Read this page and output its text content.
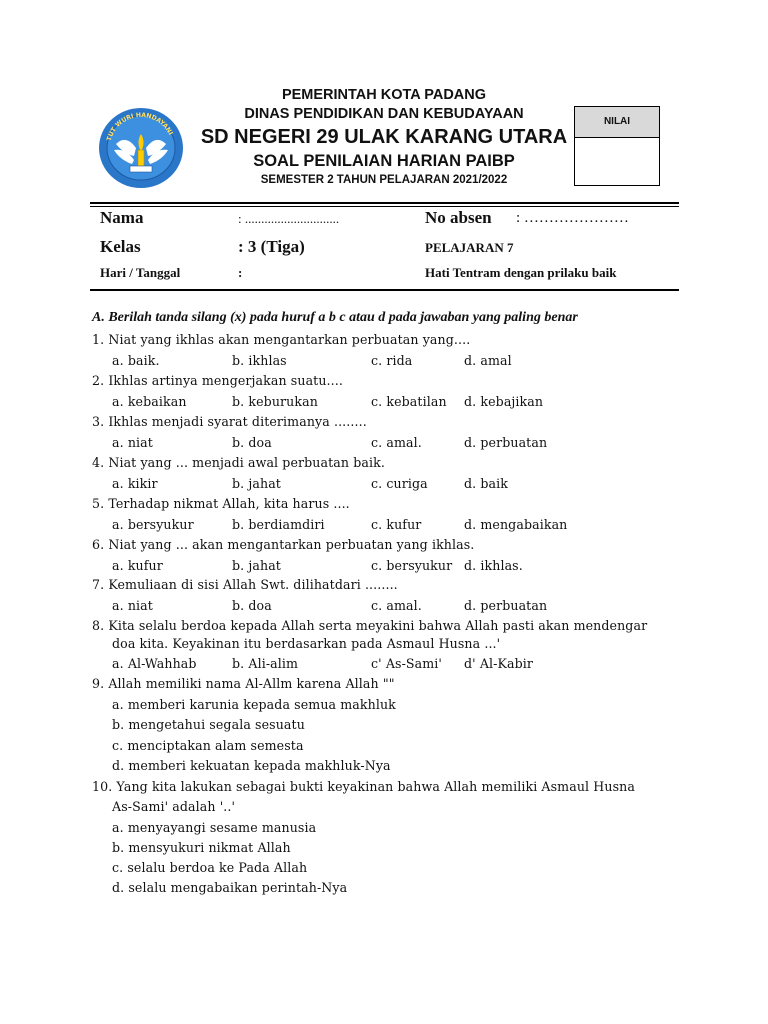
PEMERINTAH KOTA PADANG
DINAS PENDIDIKAN DAN KEBUDAYAAN
SD NEGERI 29 ULAK KARANG UTARA
SOAL PENILAIAN HARIAN PAIBP
SEMESTER 2 TAHUN PELAJARAN 2021/2022
TUT WURI HANDAYANI
NILAI
Nama	: .............................	No absen : …………………
Kelas	: 3 (Tiga)	PELAJARAN 7
Hari / Tanggal	:	Hati Tentram dengan prilaku baik
A. Berilah tanda silang (x) pada huruf a b c atau d pada jawaban yang paling benar
1. Niat yang ikhlas akan mengantarkan perbuatan yang....
a. baik.	b. ikhlas	c. rida	d. amal
2. Ikhlas artinya mengerjakan suatu....
a. kebaikan	b. keburukan	c. kebatilan d. kebajikan
3. Ikhlas menjadi syarat diterimanya ........
a. niat	b. doa	c. amal.	d. perbuatan
4. Niat yang ... menjadi awal perbuatan baik.
a. kikir	b. jahat	c. curiga	d. baik
5. Terhadap nikmat Allah, kita harus ....
a. bersyukur	b. berdiamdiri	c. kufur	d. mengabaikan
6. Niat yang ... akan mengantarkan perbuatan yang ikhlas.
a. kufur	b. jahat	c. bersyukur d. ikhlas.
7. Kemuliaan di sisi Allah Swt. dilihatdari ........
a. niat	b. doa	c. amal.	d. perbuatan
8. Kita selalu berdoa kepada Allah serta meyakini bahwa Allah pasti akan mendengar
doa kita. Keyakinan itu berdasarkan pada Asmaul Husna ...'
a. Al-Wahhab	b. Ali-alim	c' As-Sami' d' Al-Kabir
9. Allah memiliki nama Al-Allm karena Allah ""
a. memberi karunia kepada semua makhluk
b. mengetahui segala sesuatu
c. menciptakan alam semesta
d. memberi kekuatan kepada makhluk-Nya
10. Yang kita lakukan sebagai bukti keyakinan bahwa Allah memiliki Asmaul Husna
As-Sami' adalah '..'
a. menyayangi sesame manusia
b. mensyukuri nikmat Allah
c. selalu berdoa ke Pada Allah
d. selalu mengabaikan perintah-Nya
